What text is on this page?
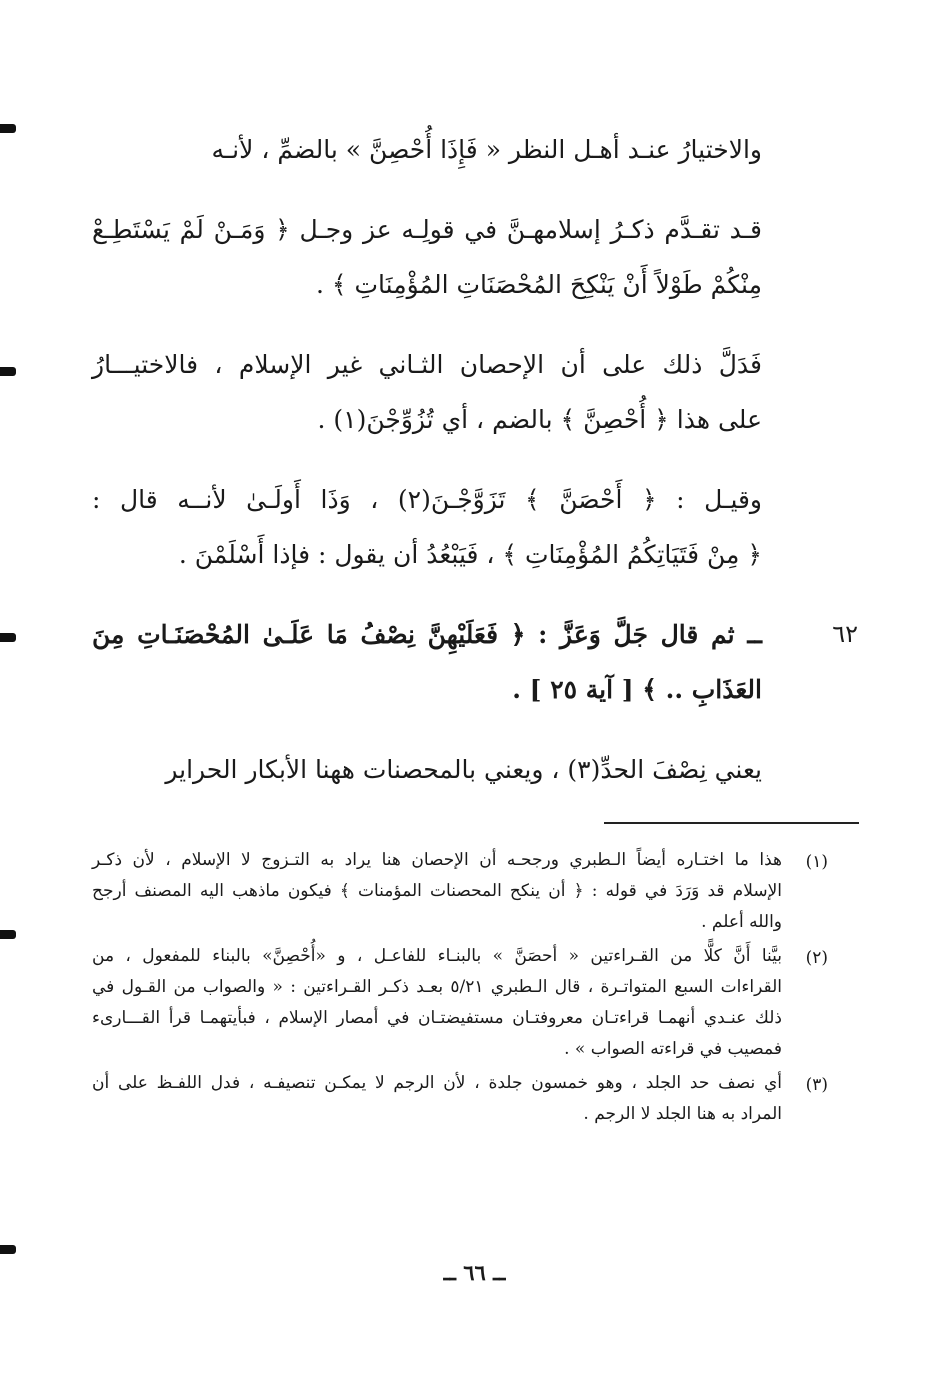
والاختيارُ عنـد أهـل النظر « فَإِذَا أُحْصِنَّ » بالضمِّ ، لأنـه
قـد تقـدَّم ذكـرُ إسلامهـنَّ في قولِـه عز وجـل ﴿ وَمَـنْ لَمْ يَسْتَطِـعْ
مِنْكُمْ طَوْلاً أَنْ يَنْكِحَ المُحْصَنَاتِ المُؤْمِنَاتِ ﴾ .
فَدَلَّ ذلك على أن الإحصان الثـاني غير الإسلام ، فالاختيـــارُ
على هذا ﴿ أُحْصِنَّ ﴾ بالضم ، أي تُزُوِّجْنَ(١) .
وقيـل : ﴿ أَحْصَنَّ ﴾ تَزَوَّجْـنَ(٢) ، وَذَا أَولَـىٰ لأنــه قال :
﴿ مِنْ فَتَيَاتِكُمُ المُؤْمِنَاتِ ﴾ ، فَيَبْعُدُ أن يقول : فإذا أَسْلَمْنَ .
٦٢
ــ ثم قال جَلَّ وَعَزَّ : ﴿ فَعَلَيْهِنَّ نِصْفُ مَا عَلَـىٰ المُحْصَنَـاتِ مِنَ
العَذَابِ .. ﴾ [ آية ٢٥ ] .
يعني نِصْفَ الحدِّ(٣) ، ويعني بالمحصنات ههنا الأبكار الحراير
(١)
هذا ما اختـاره أيضاً الـطبري ورجحـه أن الإحصان هنا يراد به التـزوج لا الإسلام ، لأن ذكـر
الإسلام قد وَرَدَ في قوله : ﴿ أن ينكح المحصنات المؤمنات ﴾ فيكون ماذهب اليه المصنف أرجح
والله أعلم .
(٢)
بيَّنا أَنَّ كلًّا من القـراءتين « أحصَنَّ » بالبنـاء للفاعـل ، و «أُحْصِنَّ» بالبناء للمفعول ، من
القراءات السبع المتواتـرة ، قال الـطبري ٥/٢١ بعـد ذكـر القـراءتين : « والصواب من القـول في
ذلك عنـدي أنهمـا قراءتـان معروفتـان مستفيضتـان في أمصار الإسلام ، فبأيتهمـا قرأ القـــارىء
فمصيب في قراءته الصواب » .
(٣)
أي نصف حد الجلد ، وهو خمسون جلدة ، لأن الرجم لا يمكـن تنصيفـه ، فدل اللفـظ على أن
المراد به هنا الجلد لا الرجم .
ــ ٦٦ ــ
